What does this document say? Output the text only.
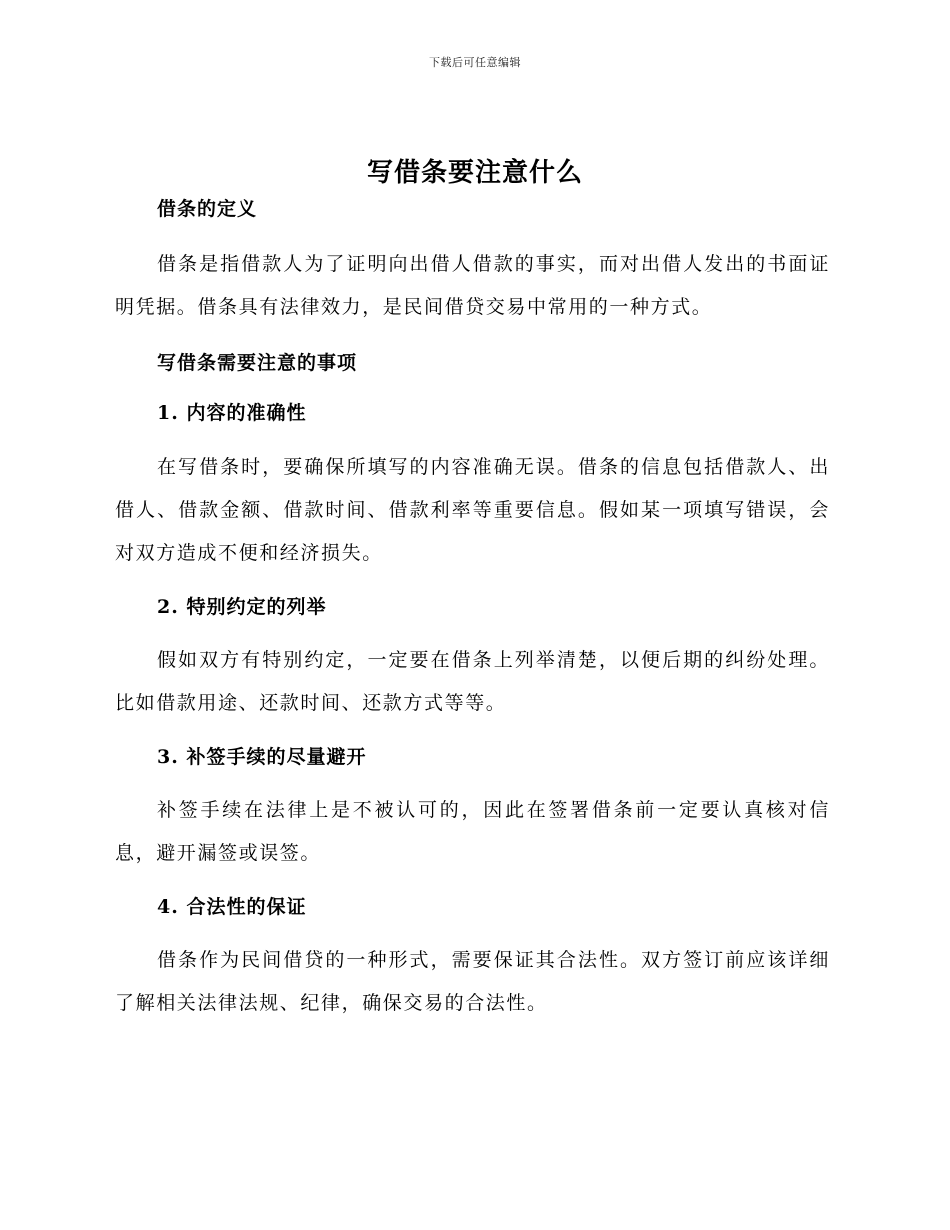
下载后可任意编辑
写借条要注意什么

借条的定义

借条是指借款人为了证明向出借人借款的事实，而对出借人发出的书面证明凭据。借条具有法律效力，是民间借贷交易中常用的一种方式。

写借条需要注意的事项

1. 内容的准确性

在写借条时，要确保所填写的内容准确无误。借条的信息包括借款人、出借人、借款金额、借款时间、借款利率等重要信息。假如某一项填写错误，会对双方造成不便和经济损失。

2. 特别约定的列举

假如双方有特别约定，一定要在借条上列举清楚，以便后期的纠纷处理。比如借款用途、还款时间、还款方式等等。

3. 补签手续的尽量避开

补签手续在法律上是不被认可的，因此在签署借条前一定要认真核对信息，避开漏签或误签。

4. 合法性的保证

借条作为民间借贷的一种形式，需要保证其合法性。双方签订前应该详细了解相关法律法规、纪律，确保交易的合法性。
